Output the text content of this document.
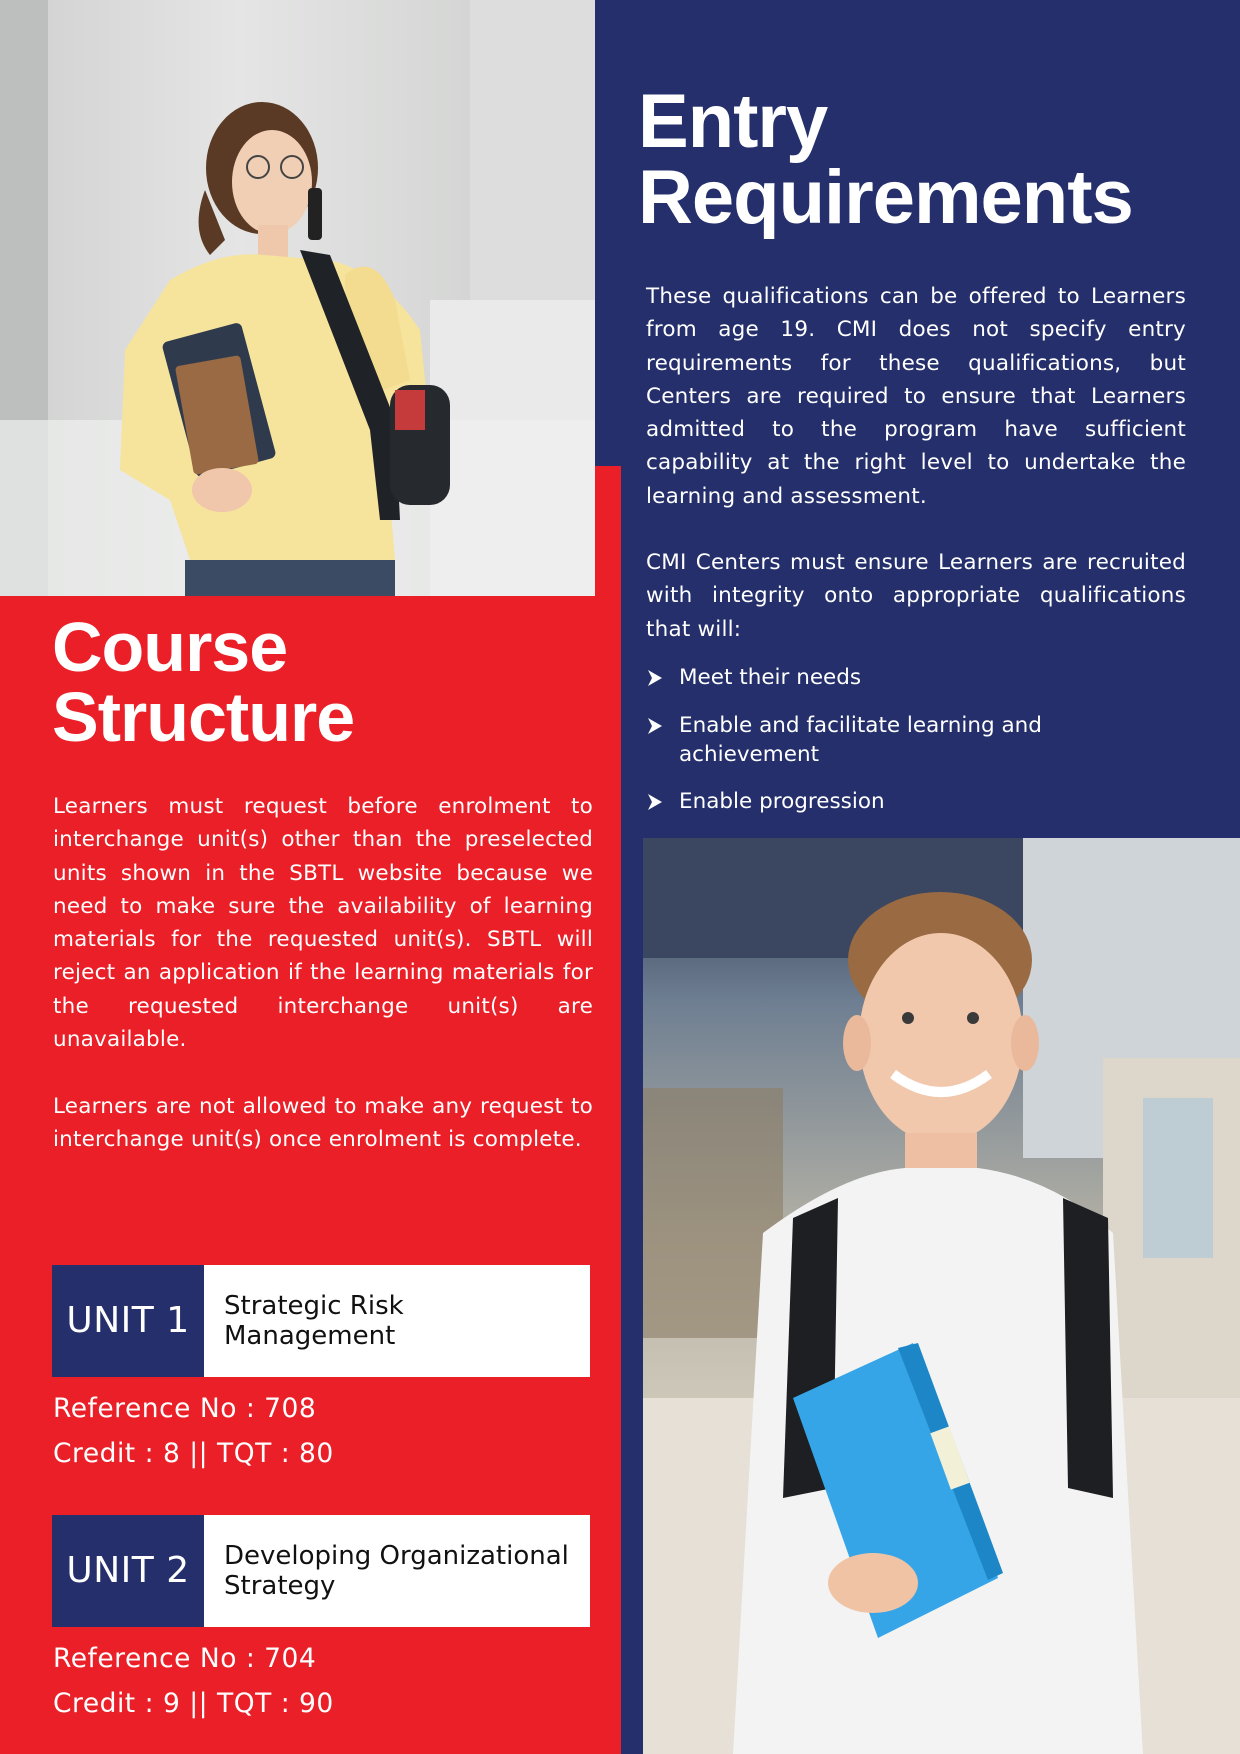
Entry
Requirements

These qualifications can be offered to Learners from age 19. CMI does not specify entry requirements for these qualifications, but Centers are required to ensure that Learners admitted to the program have sufficient capability at the right level to undertake the learning and assessment.

CMI Centers must ensure Learners are recruited with integrity onto appropriate qualifications that will:

Meet their needs
Enable and facilitate learning and achievement
Enable progression
Course
Structure

Learners must request before enrolment to interchange unit(s) other than the preselected units shown in the SBTL website because we need to make sure the availability of learning materials for the requested unit(s). SBTL will reject an application if the learning materials for the requested interchange unit(s) are unavailable.

Learners are not allowed to make any request to interchange unit(s) once enrolment is complete.

UNIT 1	Strategic Risk
Management
Reference No : 708
Credit : 8 || TQT : 80
UNIT 2	Developing Organizational
Strategy
Reference No : 704
Credit : 9 || TQT : 90
